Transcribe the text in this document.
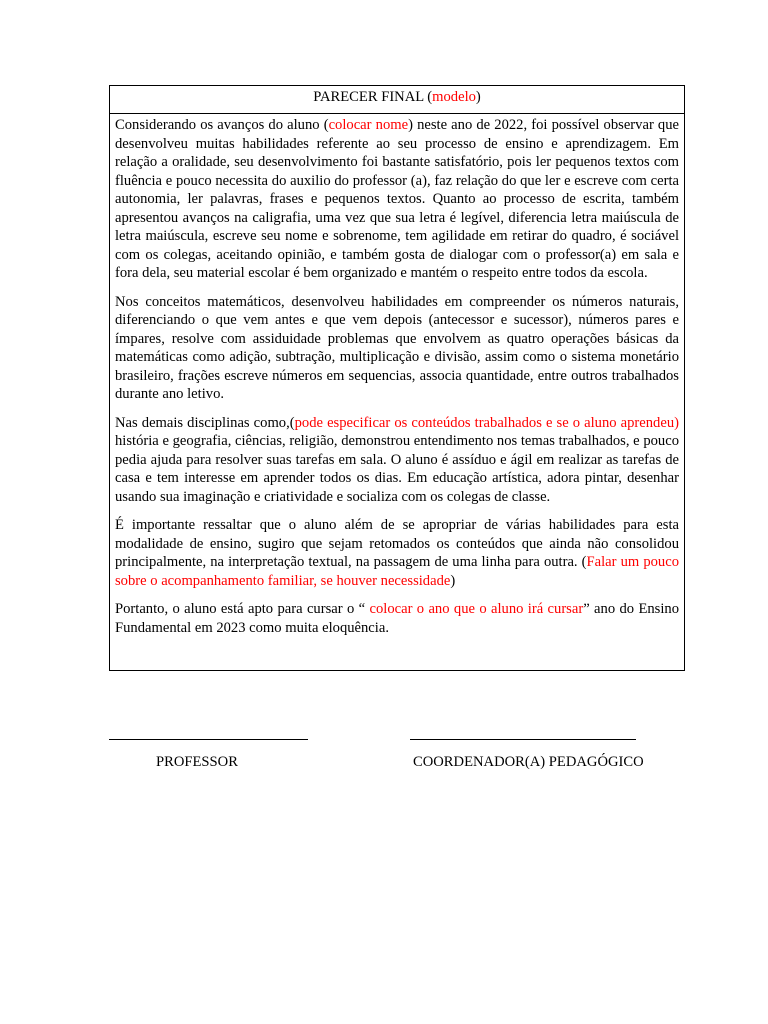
PARECER FINAL (modelo)

Considerando os avanços do aluno (colocar nome) neste ano de 2022, foi possível observar que desenvolveu muitas habilidades referente ao seu processo de ensino e aprendizagem. Em relação a oralidade, seu desenvolvimento foi bastante satisfatório, pois ler pequenos textos com fluência e pouco necessita do auxilio do professor (a), faz relação do que ler e escreve com certa autonomia, ler palavras, frases e pequenos textos. Quanto ao processo de escrita, também apresentou avanços na caligrafia, uma vez que sua letra é legível, diferencia letra maiúscula de letra maiúscula, escreve seu nome e sobrenome, tem agilidade em retirar do quadro, é sociável com os colegas, aceitando opinião, e também gosta de dialogar com o professor(a) em sala e fora dela, seu material escolar é bem organizado e mantém o respeito entre todos da escola.

Nos conceitos matemáticos, desenvolveu habilidades em compreender os números naturais, diferenciando o que vem antes e que vem depois (antecessor e sucessor), números pares e ímpares, resolve com assiduidade problemas que envolvem as quatro operações básicas da matemáticas como adição, subtração, multiplicação e divisão, assim como o sistema monetário brasileiro, frações escreve números em sequencias, associa quantidade, entre outros trabalhados durante ano letivo.

Nas demais disciplinas como,(pode especificar os conteúdos trabalhados e se o aluno aprendeu) história e geografia, ciências, religião, demonstrou entendimento nos temas trabalhados, e pouco pedia ajuda para resolver suas tarefas em sala. O aluno é assíduo e ágil em realizar as tarefas de casa e tem interesse em aprender todos os dias. Em educação artística, adora pintar, desenhar usando sua imaginação e criatividade e socializa com os colegas de classe.

É importante ressaltar que o aluno além de se apropriar de várias habilidades para esta modalidade de ensino, sugiro que sejam retomados os conteúdos que ainda não consolidou principalmente, na interpretação textual, na passagem de uma linha para outra. (Falar um pouco sobre o acompanhamento familiar, se houver necessidade)

Portanto, o aluno está apto para cursar o “ colocar o ano que o aluno irá cursar” ano do Ensino Fundamental em 2023 como muita eloquência.

PROFESSOR	COORDENADOR(A) PEDAGÓGICO
